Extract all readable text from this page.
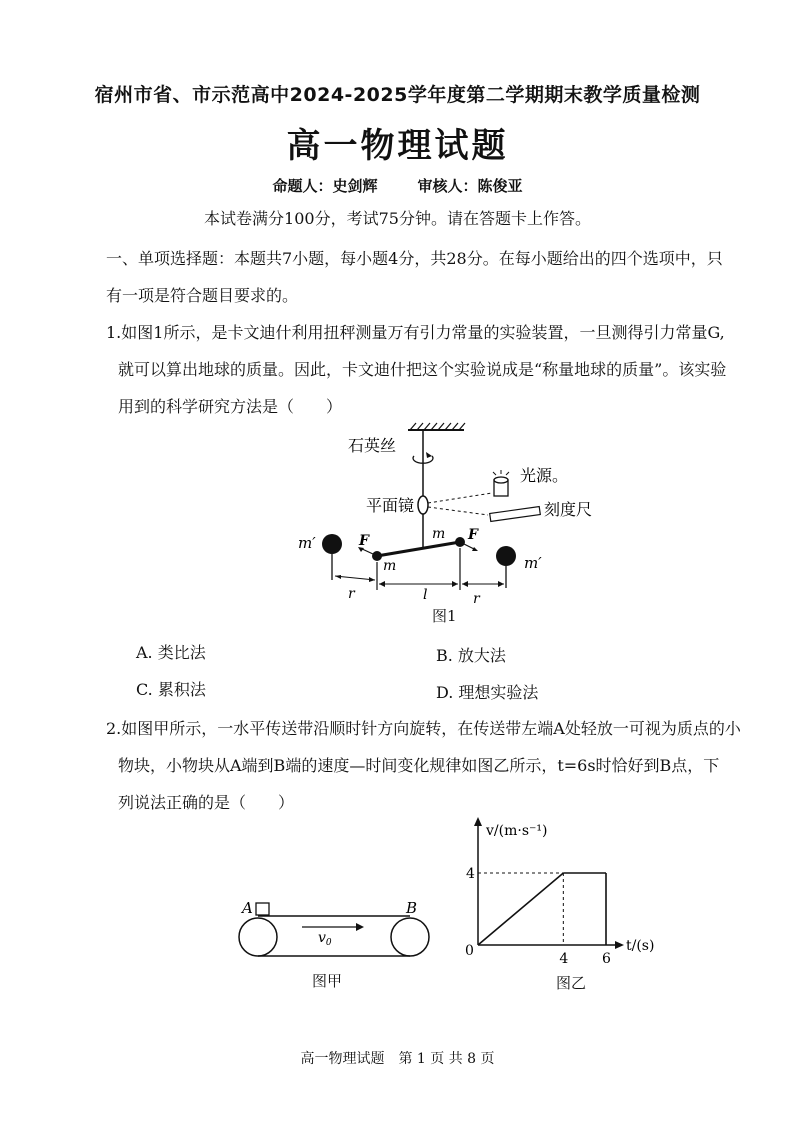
宿州市省、市示范高中2024-2025学年度第二学期期末教学质量检测
高一物理试题
命题人：史剑辉	审核人：陈俊亚
本试卷满分100分，考试75分钟。请在答题卡上作答。
一、单项选择题：本题共7小题，每小题4分，共28分。在每小题给出的四个选项中，只
有一项是符合题目要求的。
1.如图1所示，是卡文迪什利用扭秤测量万有引力常量的实验装置，一旦测得引力常量G,
就可以算出地球的质量。因此，卡文迪什把这个实验说成是“称量地球的质量”。该实验
用到的科学研究方法是（　　）
石英丝
光源。
平面镜	刻度尺
m′
m′
F	F
m
m
r	l	r
图1
A. 类比法	B. 放大法
C. 累积法	D. 理想实验法
2.如图甲所示，一水平传送带沿顺时针方向旋转，在传送带左端A处轻放一可视为质点的小
物块，小物块从A端到B端的速度—时间变化规律如图乙所示，t=6s时恰好到B点，下
列说法正确的是（　　）
A	B
$v_0$
图甲
v/(m·s⁻¹)
t/(s)
0
4
4 6
图乙
高一物理试题　第 1 页 共 8 页
